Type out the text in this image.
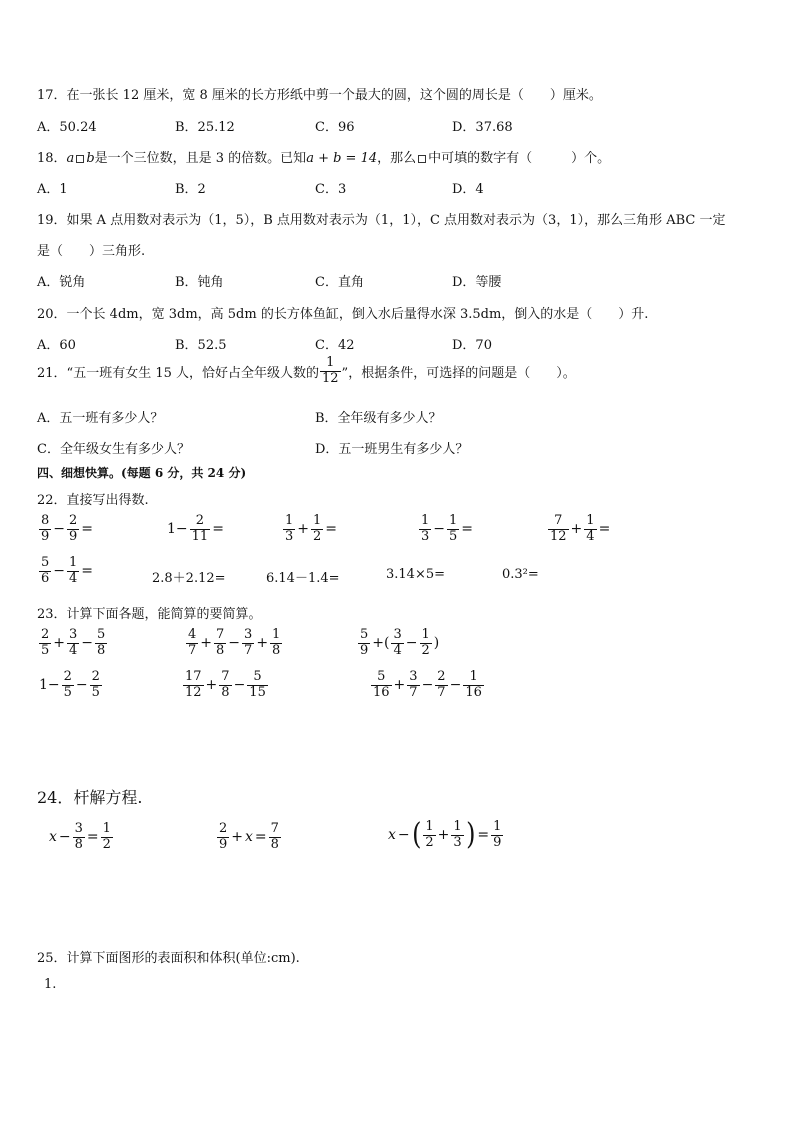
17．在一张长 12 厘米，宽 8 厘米的长方形纸中剪一个最大的圆，这个圆的周长是（　　）厘米。
A．50.24	B．25.12	C．96	D．37.68
18．a b是一个三位数，且是 3 的倍数。已知a + b = 14，那么 中可填的数字有（　　　）个。
A．1	B．2	C．3	D．4
19．如果 A 点用数对表示为（1，5），B 点用数对表示为（1，1），C 点用数对表示为（3，1），那么三角形 ABC 一定
是（　　）三角形.
A．锐角	B．钝角	C．直角	D．等腰
20．一个长 4dm，宽 3dm，高 5dm 的长方体鱼缸，倒入水后量得水深 3.5dm，倒入的水是（　　）升.
A．60	B．52.5	C．42	D．70
21．“五一班有女生 15 人，恰好占全年级人数的 $\frac{1}{12}$ ”，根据条件，可选择的问题是（　　）。
A．五一班有多少人？	B．全年级有多少人？
C．全年级女生有多少人？	D．五一班男生有多少人？
四、细想快算。(每题 6 分，共 24 分)
22．直接写出得数.
$\frac{8}{9} - \frac{2}{9}$ =	$1- \frac{2}{11}$ =	$\frac{1}{3} + \frac{1}{2}$ =	$\frac{1}{3} - \frac{1}{5}$ =	$\frac{7}{12} + \frac{1}{4}$ =
$\frac{5}{6} - \frac{1}{4}$ =	2.8＋2.12=	6.14－1.4=	3.14×5=	0.3²=
23．计算下面各题，能简算的要简算。
$\frac{2}{5} + \frac{3}{4} - \frac{5}{8}$	$\frac{4}{7} + \frac{7}{8} - \frac{3}{7} + \frac{1}{8}$	$\frac{5}{9}$ +( $\frac{3}{4} - \frac{1}{2}$ )
$1- \frac{2}{5} - \frac{2}{5}$	$\frac{17}{12} + \frac{7}{8} - \frac{5}{15}$	$\frac{5}{16} + \frac{3}{7} - \frac{2}{7} - \frac{1}{16}$
24．杆解方程.
$x - \frac{3}{8} = \frac{1}{2}$	$\frac{2}{9} + x = \frac{7}{8}$	x − ( $\frac{1}{2} + \frac{1}{3}$ ) = $\frac{1}{9}$
25．计算下面图形的表面积和体积(单位:cm).
1.
